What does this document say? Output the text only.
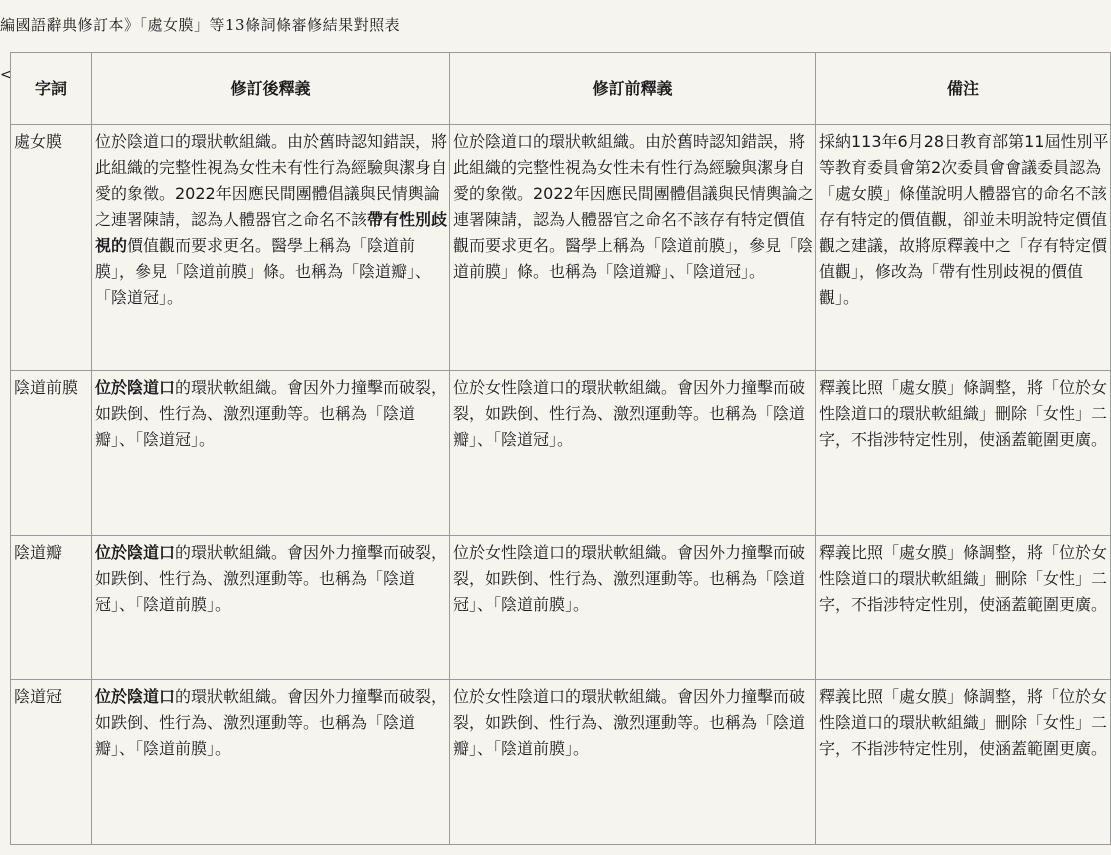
編國語辭典修訂本》「處女膜」等13條詞條審修結果對照表
<
字詞	修訂後釋義	修訂前釋義	備注
處女膜	位於陰道口的環狀軟組織。由於舊時認知錯誤，將此組織的完整性視為女性未有性行為經驗與潔身自愛的象徵。2022年因應民間團體倡議與民情輿論之連署陳請，認為人體器官之命名不該帶有性別歧視的價值觀而要求更名。醫學上稱為「陰道前膜」，參見「陰道前膜」條。也稱為「陰道瓣」、「陰道冠」。	位於陰道口的環狀軟組織。由於舊時認知錯誤，將此組織的完整性視為女性未有性行為經驗與潔身自愛的象徵。2022年因應民間團體倡議與民情輿論之連署陳請，認為人體器官之命名不該存有特定價值觀而要求更名。醫學上稱為「陰道前膜」，參見「陰道前膜」條。也稱為「陰道瓣」、「陰道冠」。	採納113年6月28日教育部第11屆性別平等教育委員會第2次委員會會議委員認為「處女膜」條僅說明人體器官的命名不該存有特定的價值觀，卻並未明說特定價值觀之建議，故將原釋義中之「存有特定價值觀」，修改為「帶有性別歧視的價值觀」。
陰道前膜	位於陰道口的環狀軟組織。會因外力撞擊而破裂，如跌倒、性行為、激烈運動等。也稱為「陰道瓣」、「陰道冠」。	位於女性陰道口的環狀軟組織。會因外力撞擊而破裂，如跌倒、性行為、激烈運動等。也稱為「陰道瓣」、「陰道冠」。	釋義比照「處女膜」條調整，將「位於女性陰道口的環狀軟組織」刪除「女性」二字，不指涉特定性別，使涵蓋範圍更廣。
陰道瓣	位於陰道口的環狀軟組織。會因外力撞擊而破裂，如跌倒、性行為、激烈運動等。也稱為「陰道冠」、「陰道前膜」。	位於女性陰道口的環狀軟組織。會因外力撞擊而破裂，如跌倒、性行為、激烈運動等。也稱為「陰道冠」、「陰道前膜」。	釋義比照「處女膜」條調整，將「位於女性陰道口的環狀軟組織」刪除「女性」二字，不指涉特定性別，使涵蓋範圍更廣。
陰道冠	位於陰道口的環狀軟組織。會因外力撞擊而破裂，如跌倒、性行為、激烈運動等。也稱為「陰道瓣」、「陰道前膜」。	位於女性陰道口的環狀軟組織。會因外力撞擊而破裂，如跌倒、性行為、激烈運動等。也稱為「陰道瓣」、「陰道前膜」。	釋義比照「處女膜」條調整，將「位於女性陰道口的環狀軟組織」刪除「女性」二字，不指涉特定性別，使涵蓋範圍更廣。
